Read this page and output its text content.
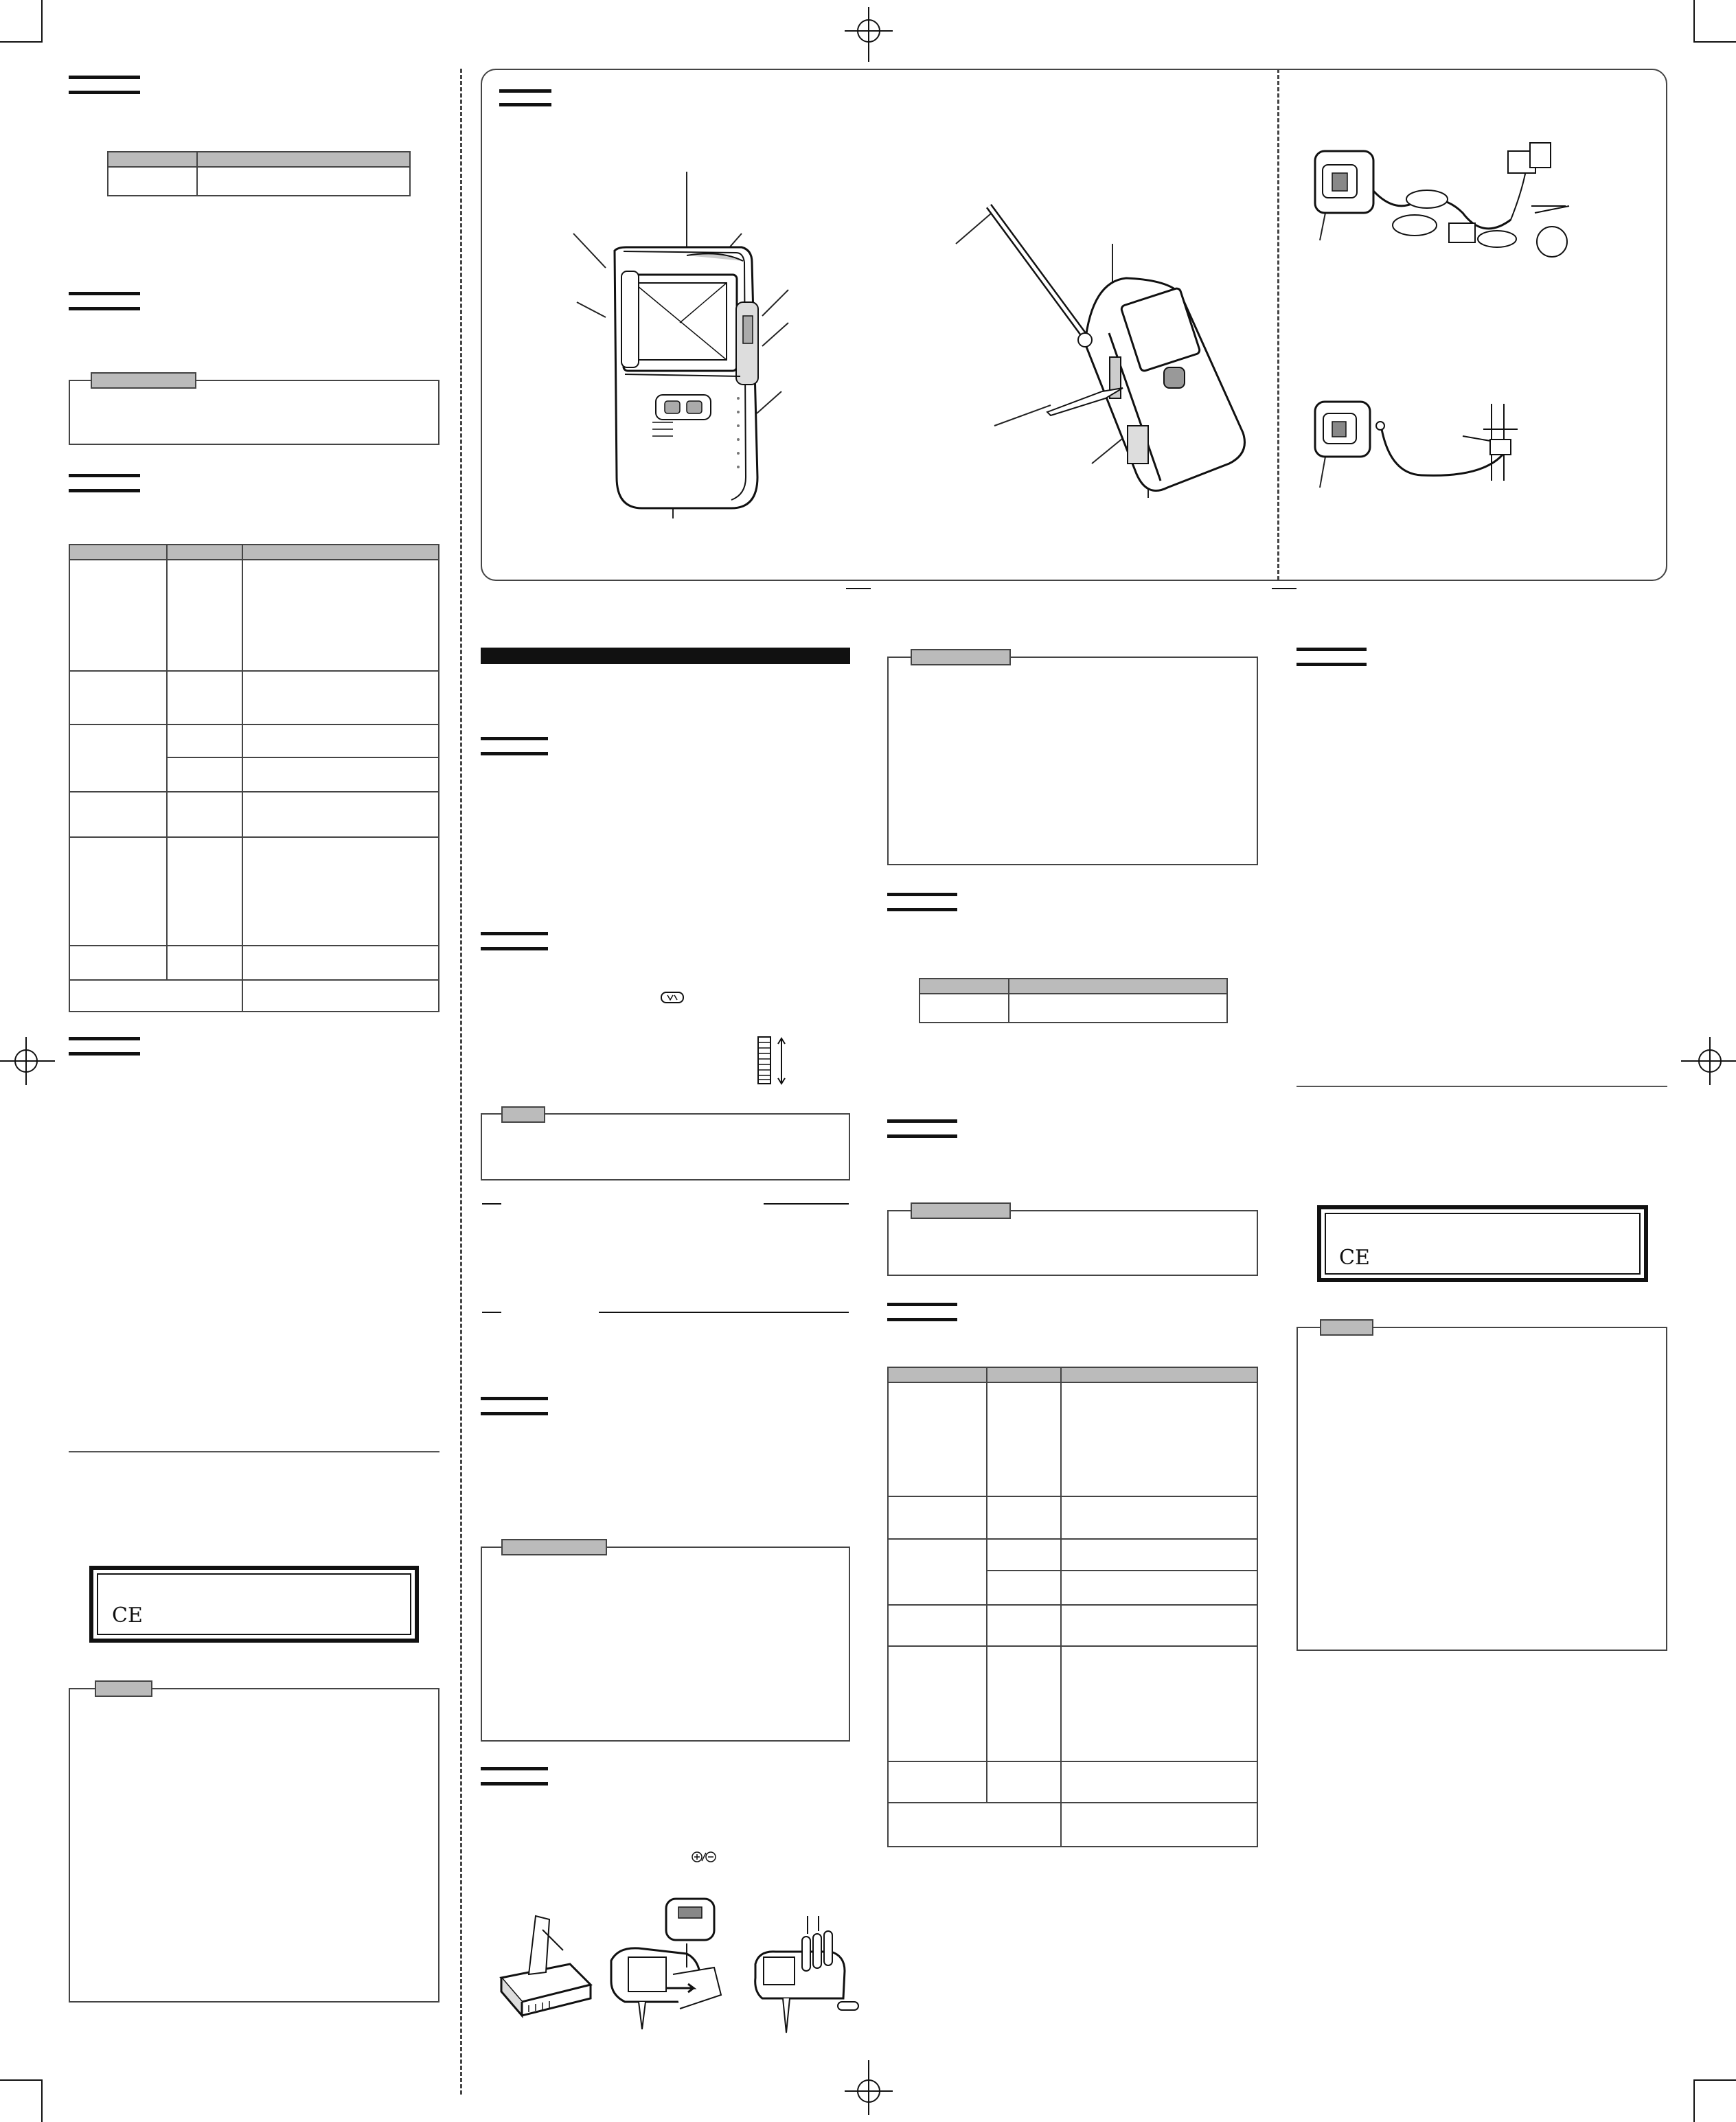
CE

CE
